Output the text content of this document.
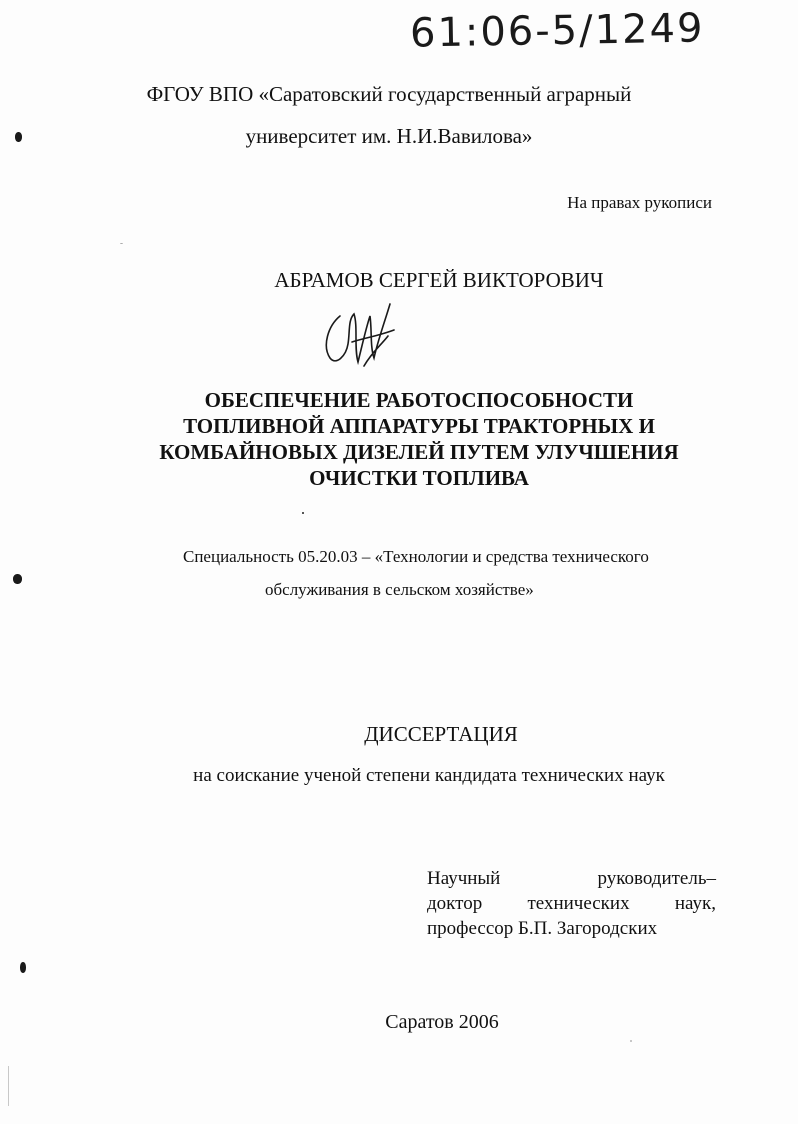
61:06-5/1249
ФГОУ ВПО «Саратовский государственный аграрный
университет им. Н.И.Вавилова»
На правах рукописи
АБРАМОВ СЕРГЕЙ ВИКТОРОВИЧ
ОБЕСПЕЧЕНИЕ РАБОТОСПОСОБНОСТИ
ТОПЛИВНОЙ АППАРАТУРЫ ТРАКТОРНЫХ И
КОМБАЙНОВЫХ ДИЗЕЛЕЙ ПУТЕМ УЛУЧШЕНИЯ
ОЧИСТКИ ТОПЛИВА
Специальность 05.20.03 – «Технологии и средства технического
обслуживания в сельском хозяйстве»
ДИССЕРТАЦИЯ
на соискание ученой степени кандидата технических наук
Научный	руководитель–
доктор технических наук,
профессор Б.П. Загородских
Саратов 2006
